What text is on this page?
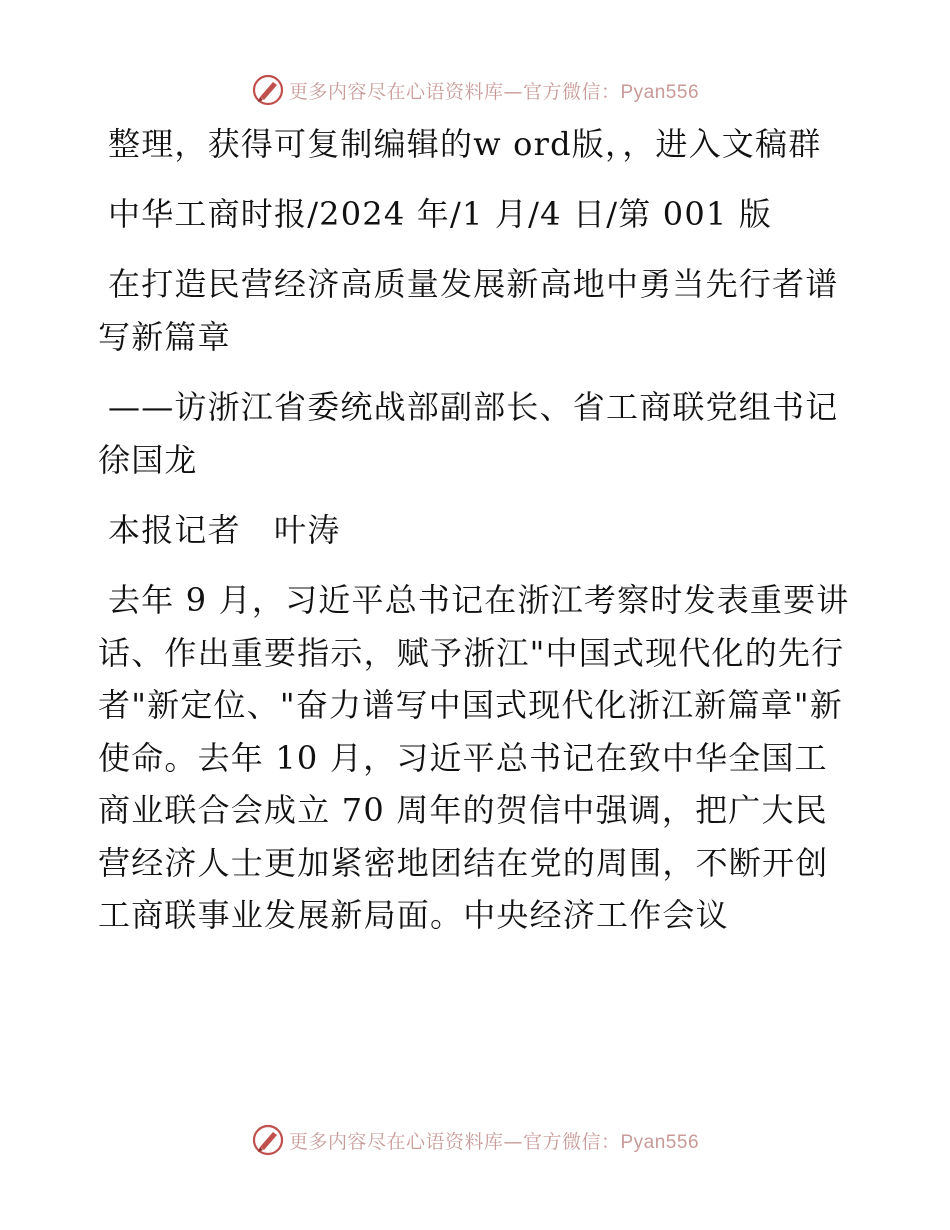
更多内容尽在心语资料库—官方微信：Pyan556

整理，获得可复制编辑的w ord版，，进入文稿群

中华工商时报/2024 年/1 月/4 日/第 001 版

在打造民营经济高质量发展新高地中勇当先行者谱写新篇章

——访浙江省委统战部副部长、省工商联党组书记徐国龙

本报记者　叶涛

去年 9 月，习近平总书记在浙江考察时发表重要讲话、作出重要指示，赋予浙江"中国式现代化的先行者"新定位、"奋力谱写中国式现代化浙江新篇章"新使命。去年 10 月，习近平总书记在致中华全国工商业联合会成立 70 周年的贺信中强调，把广大民营经济人士更加紧密地团结在党的周围，不断开创工商联事业发展新局面。中央经济工作会议

更多内容尽在心语资料库—官方微信：Pyan556
